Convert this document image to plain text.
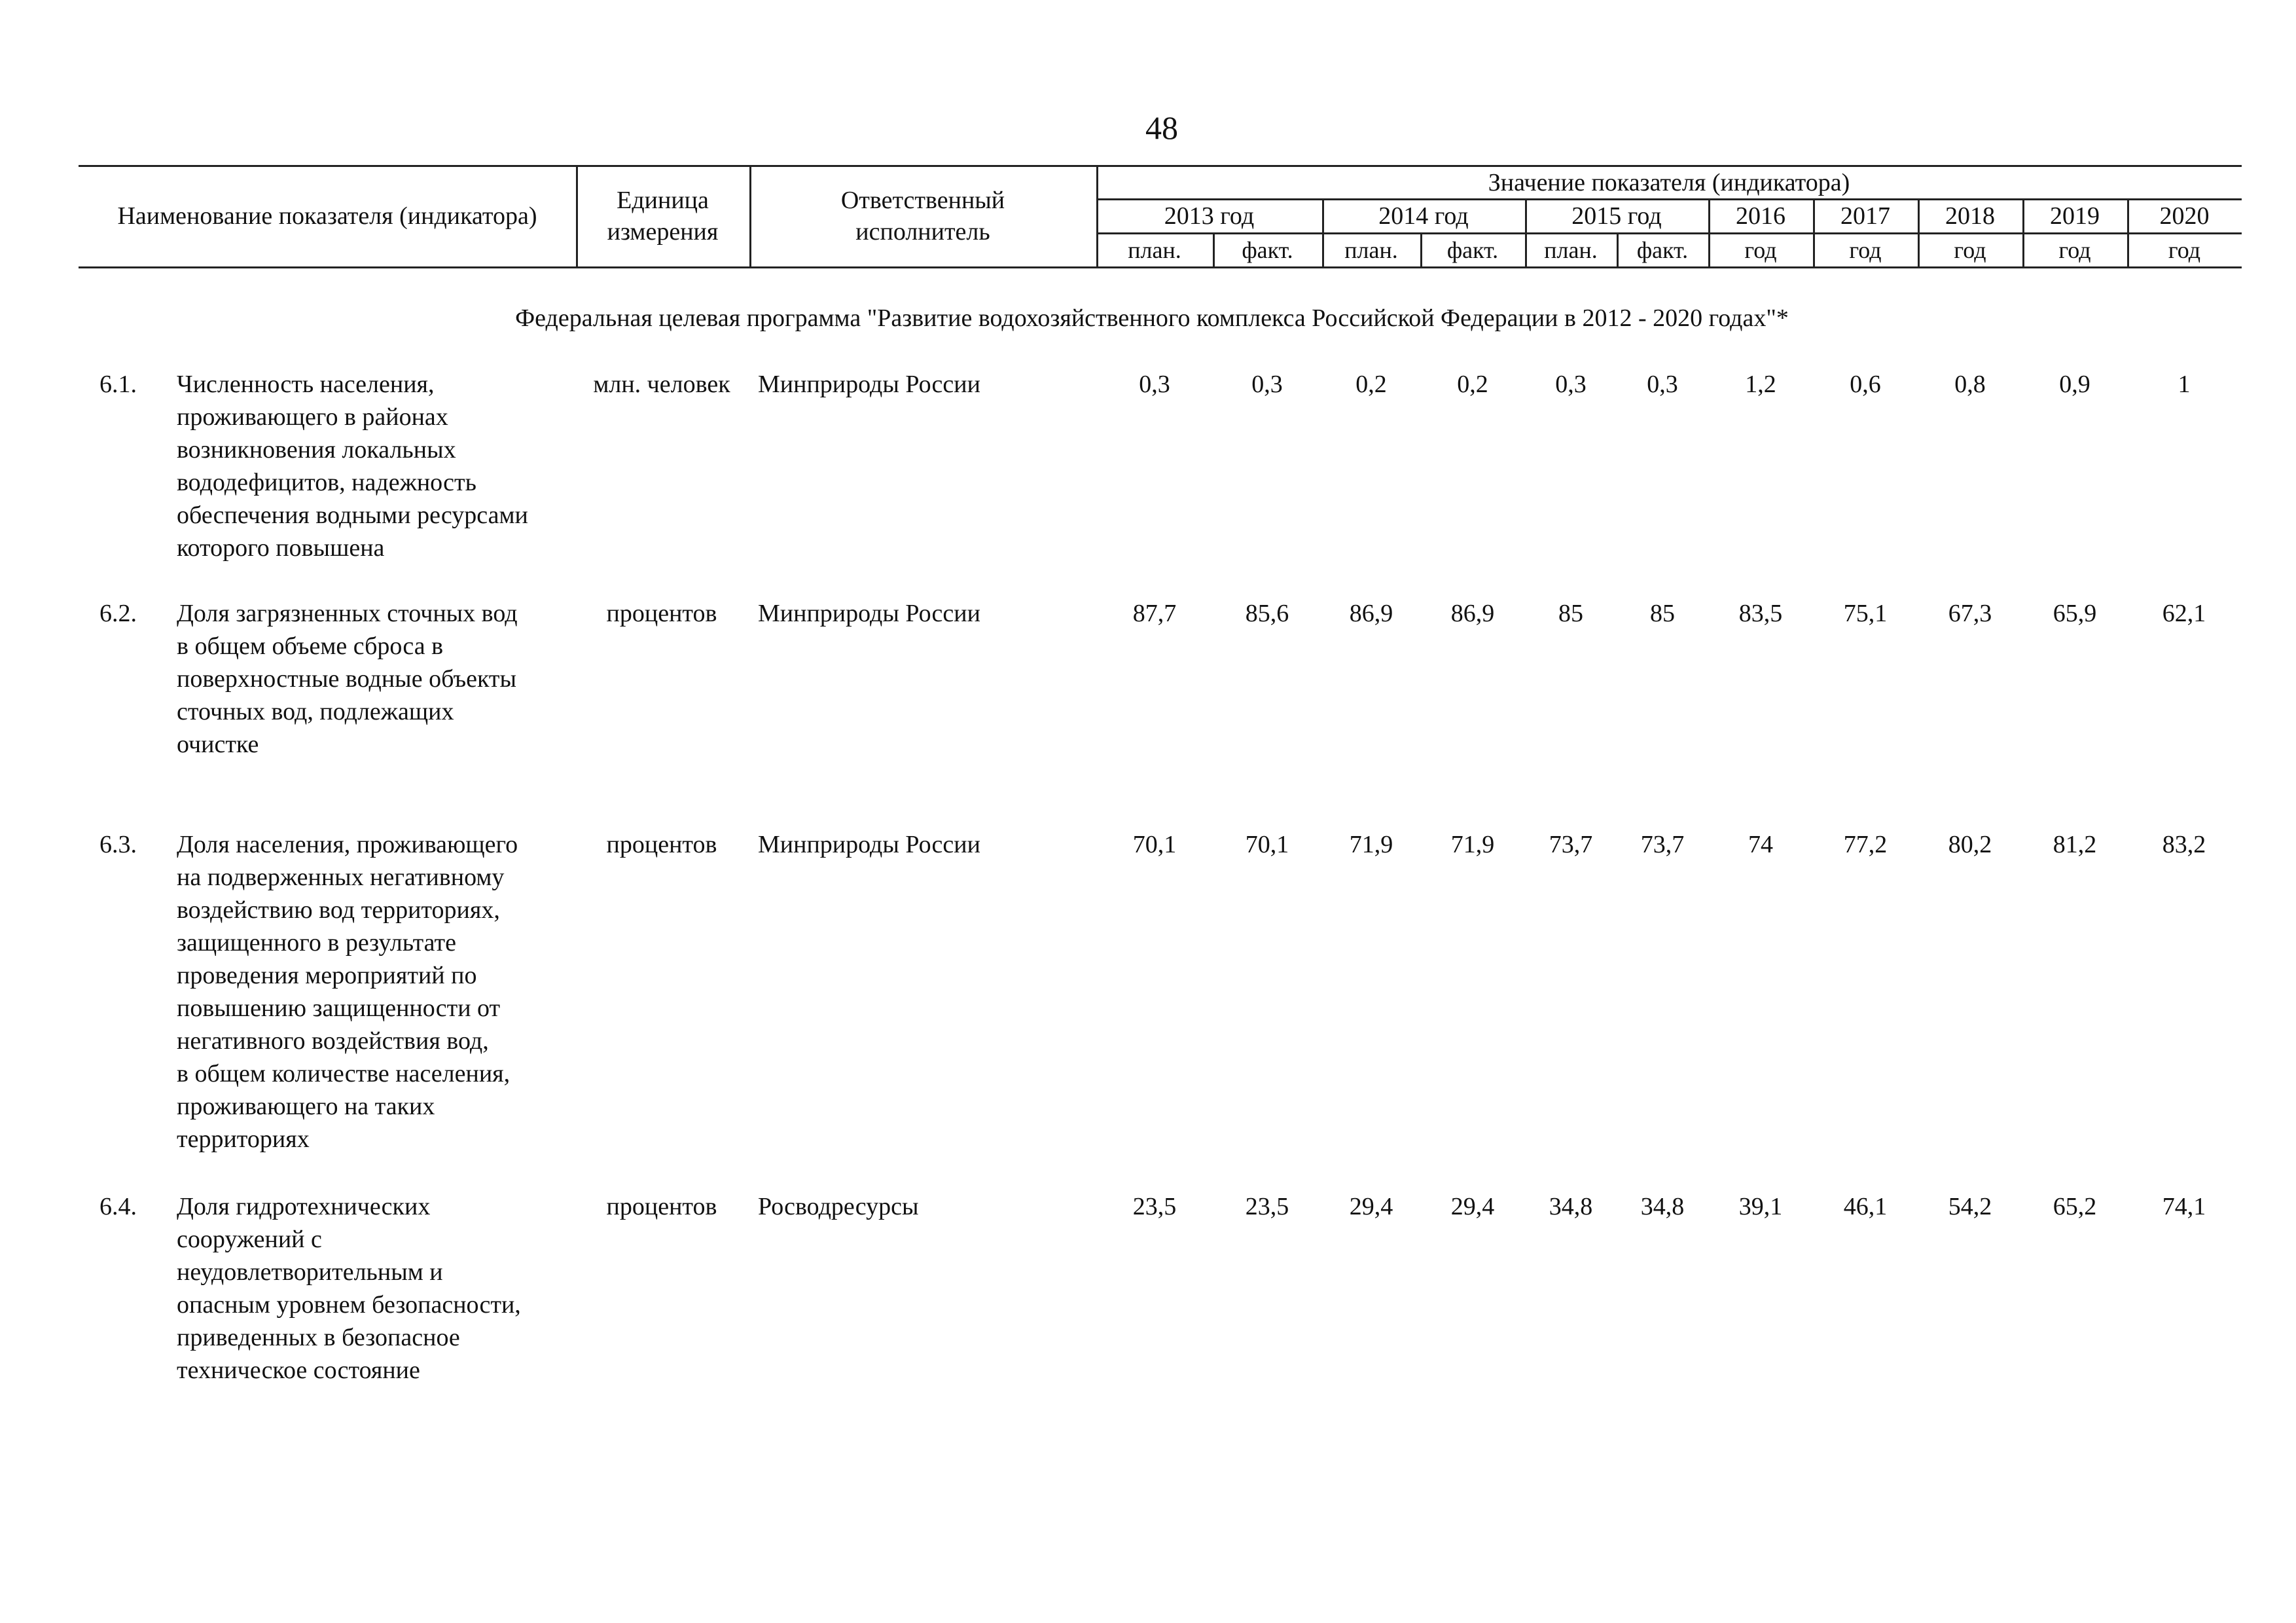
48
Наименование показателя (индикатора)
Единица
измерения
Ответственный
исполнитель
Значение показателя (индикатора)
2013 год	2014 год	2015 год	2016	2017	2018	2019	2020
план.	факт.	план.	факт.	план.	факт.	год	год	год	год	год
Федеральная целевая программа "Развитие водохозяйственного комплекса Российской Федерации в 2012 - 2020 годах"*
6.1.	Численность населения,
проживающего в районах
возникновения локальных
вододефицитов, надежность
обеспечения водными ресурсами
которого повышена
млн. человек	Минприроды России	0,3	0,3	0,2	0,2	0,3	0,3	1,2	0,6	0,8	0,9	1
6.2.	Доля загрязненных сточных вод
в общем объеме сброса в
поверхностные водные объекты
сточных вод, подлежащих
очистке
процентов	Минприроды России	87,7	85,6	86,9	86,9	85	85	83,5	75,1	67,3	65,9	62,1
6.3.	Доля населения, проживающего
на подверженных негативному
воздействию вод территориях,
защищенного в результате
проведения мероприятий по
повышению защищенности от
негативного воздействия вод,
в общем количестве населения,
проживающего на таких
территориях
процентов	Минприроды России	70,1	70,1	71,9	71,9	73,7	73,7	74	77,2	80,2	81,2	83,2
6.4.	Доля гидротехнических
сооружений с
неудовлетворительным и
опасным уровнем безопасности,
приведенных в безопасное
техническое состояние
процентов	Росводресурсы	23,5	23,5	29,4	29,4	34,8	34,8	39,1	46,1	54,2	65,2	74,1
